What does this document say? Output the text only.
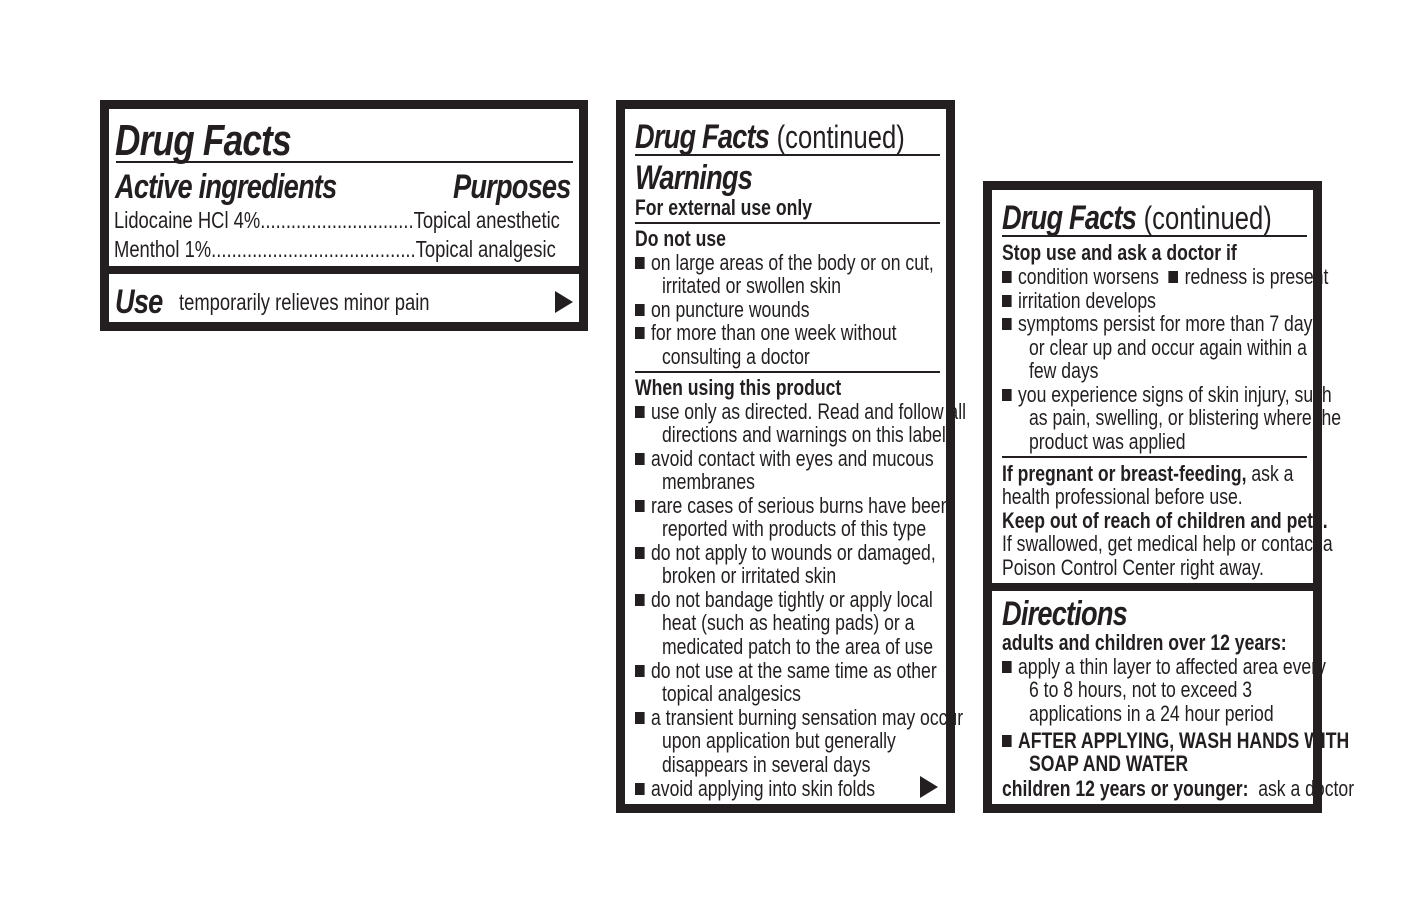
Drug Facts
Active ingredients	Purposes
Lidocaine HCl 4%..............................Topical anesthetic
Menthol 1%........................................Topical analgesic
Use temporarily relieves minor pain
Drug Facts (continued)
Warnings
For external use only
Do not use
on large areas of the body or on cut,
irritated or swollen skin
on puncture wounds
for more than one week without
consulting a doctor
When using this product
use only as directed. Read and follow all
directions and warnings on this label.
avoid contact with eyes and mucous
membranes
rare cases of serious burns have been
reported with products of this type
do not apply to wounds or damaged,
broken or irritated skin
do not bandage tightly or apply local
heat (such as heating pads) or a
medicated patch to the area of use
do not use at the same time as other
topical analgesics
a transient burning sensation may occur
upon application but generally
disappears in several days
avoid applying into skin folds
Drug Facts (continued)
Stop use and ask a doctor if
condition worsens redness is present
irritation develops
symptoms persist for more than 7 days
or clear up and occur again within a
few days
you experience signs of skin injury, such
as pain, swelling, or blistering where the
product was applied
If pregnant or breast-feeding, ask a
health professional before use.
Keep out of reach of children and pets.
If swallowed, get medical help or contact a
Poison Control Center right away.
Directions
adults and children over 12 years:
apply a thin layer to affected area every
6 to 8 hours, not to exceed 3
applications in a 24 hour period
AFTER APPLYING, WASH HANDS WITH
SOAP AND WATER
children 12 years or younger: ask a doctor
